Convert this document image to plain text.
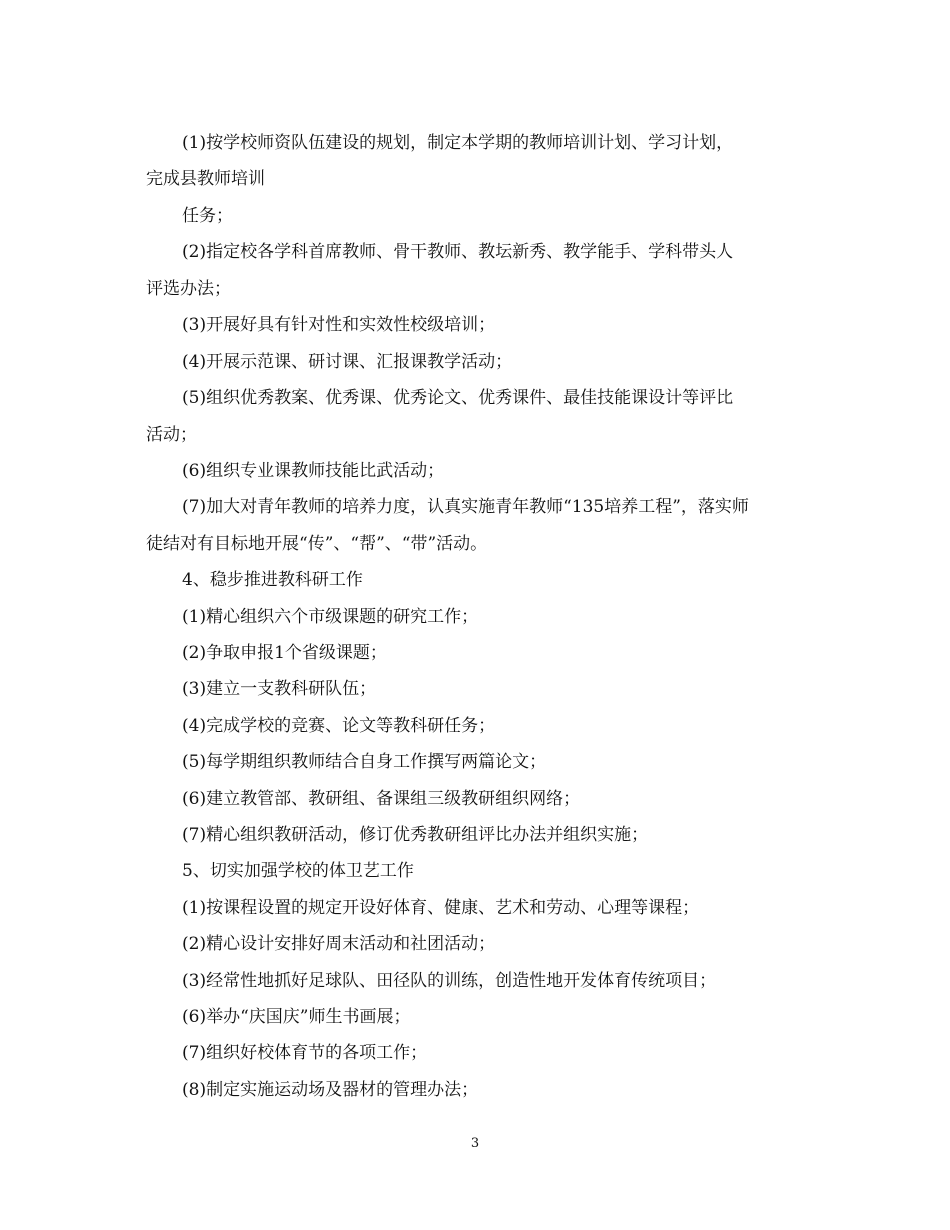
(1)按学校师资队伍建设的规划，制定本学期的教师培训计划、学习计划，
完成县教师培训
任务；
(2)指定校各学科首席教师、骨干教师、教坛新秀、教学能手、学科带头人
评选办法；
(3)开展好具有针对性和实效性校级培训；
(4)开展示范课、研讨课、汇报课教学活动；
(5)组织优秀教案、优秀课、优秀论文、优秀课件、最佳技能课设计等评比
活动；
(6)组织专业课教师技能比武活动；
(7)加大对青年教师的培养力度，认真实施青年教师“135培养工程”，落实师
徒结对有目标地开展“传”、“帮”、“带”活动。
4、稳步推进教科研工作
(1)精心组织六个市级课题的研究工作；
(2)争取申报1个省级课题；
(3)建立一支教科研队伍；
(4)完成学校的竞赛、论文等教科研任务；
(5)每学期组织教师结合自身工作撰写两篇论文；
(6)建立教管部、教研组、备课组三级教研组织网络；
(7)精心组织教研活动，修订优秀教研组评比办法并组织实施；
5、切实加强学校的体卫艺工作
(1)按课程设置的规定开设好体育、健康、艺术和劳动、心理等课程；
(2)精心设计安排好周末活动和社团活动；
(3)经常性地抓好足球队、田径队的训练，创造性地开发体育传统项目；
(6)举办“庆国庆”师生书画展；
(7)组织好校体育节的各项工作；
(8)制定实施运动场及器材的管理办法；
3
